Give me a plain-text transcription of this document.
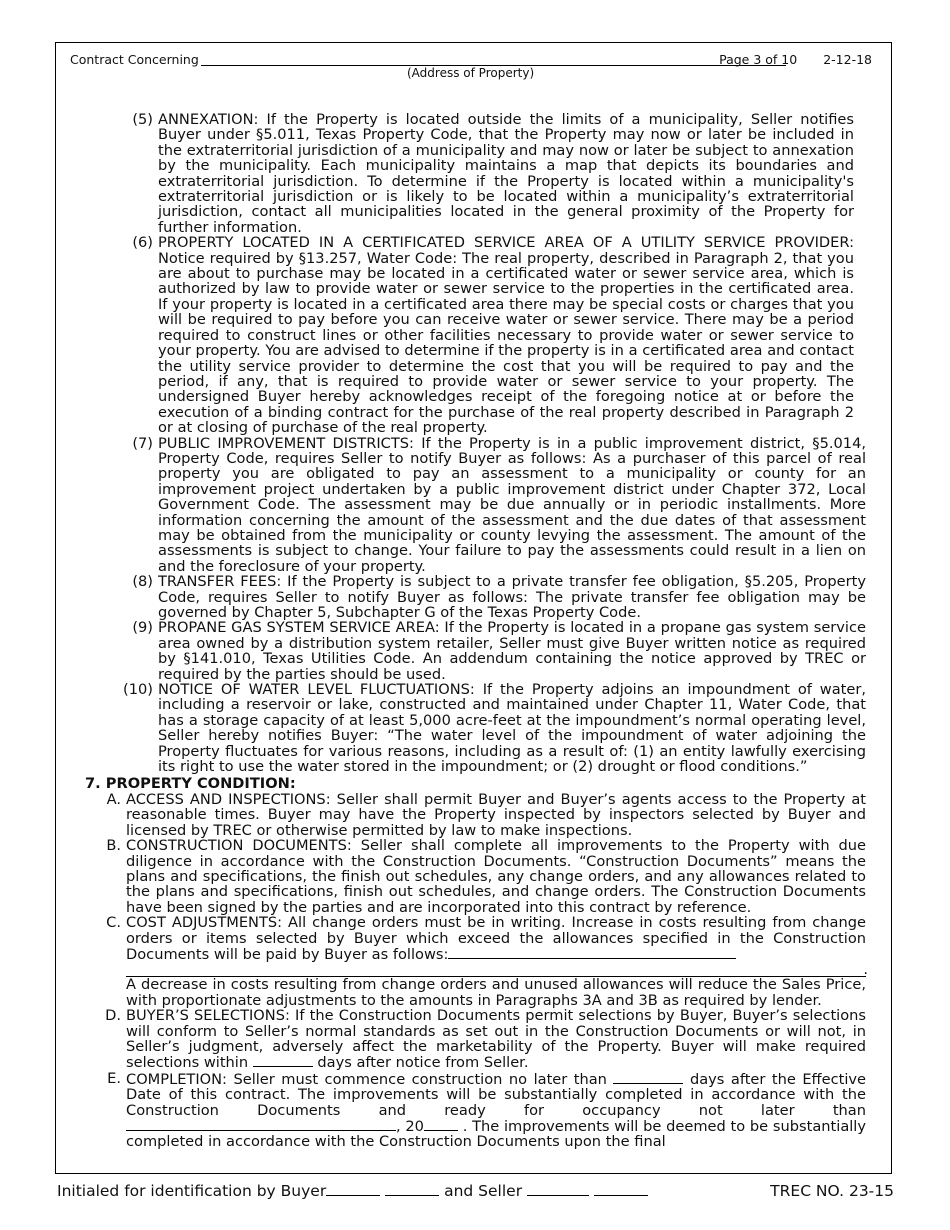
Contract Concerning
(Address of Property)
Page 3 of 10 2-12-18
(5) ANNEXATION: If the Property is located outside the limits of a municipality, Seller notifies Buyer under §5.011, Texas Property Code, that the Property may now or later be included in the extraterritorial jurisdiction of a municipality and may now or later be subject to annexation by the municipality. Each municipality maintains a map that depicts its boundaries and extraterritorial jurisdiction. To determine if the Property is located within a municipality's extraterritorial jurisdiction or is likely to be located within a municipality’s extraterritorial jurisdiction, contact all municipalities located in the general proximity of the Property for further information.
(6) PROPERTY LOCATED IN A CERTIFICATED SERVICE AREA OF A UTILITY SERVICE PROVIDER: Notice required by §13.257, Water Code: The real property, described in Paragraph 2, that you are about to purchase may be located in a certificated water or sewer service area, which is authorized by law to provide water or sewer service to the properties in the certificated area. If your property is located in a certificated area there may be special costs or charges that you will be required to pay before you can receive water or sewer service. There may be a period required to construct lines or other facilities necessary to provide water or sewer service to your property. You are advised to determine if the property is in a certificated area and contact the utility service provider to determine the cost that you will be required to pay and the period, if any, that is required to provide water or sewer service to your property. The undersigned Buyer hereby acknowledges receipt of the foregoing notice at or before the execution of a binding contract for the purchase of the real property described in Paragraph 2 or at closing of purchase of the real property.
(7) PUBLIC IMPROVEMENT DISTRICTS: If the Property is in a public improvement district, §5.014, Property Code, requires Seller to notify Buyer as follows: As a purchaser of this parcel of real property you are obligated to pay an assessment to a municipality or county for an improvement project undertaken by a public improvement district under Chapter 372, Local Government Code. The assessment may be due annually or in periodic installments. More information concerning the amount of the assessment and the due dates of that assessment may be obtained from the municipality or county levying the assessment. The amount of the assessments is subject to change. Your failure to pay the assessments could result in a lien on and the foreclosure of your property.
(8) TRANSFER FEES: If the Property is subject to a private transfer fee obligation, §5.205, Property Code, requires Seller to notify Buyer as follows: The private transfer fee obligation may be governed by Chapter 5, Subchapter G of the Texas Property Code.
(9) PROPANE GAS SYSTEM SERVICE AREA: If the Property is located in a propane gas system service area owned by a distribution system retailer, Seller must give Buyer written notice as required by §141.010, Texas Utilities Code. An addendum containing the notice approved by TREC or required by the parties should be used.
(10) NOTICE OF WATER LEVEL FLUCTUATIONS: If the Property adjoins an impoundment of water, including a reservoir or lake, constructed and maintained under Chapter 11, Water Code, that has a storage capacity of at least 5,000 acre-feet at the impoundment’s normal operating level, Seller hereby notifies Buyer: “The water level of the impoundment of water adjoining the Property fluctuates for various reasons, including as a result of: (1) an entity lawfully exercising its right to use the water stored in the impoundment; or (2) drought or flood conditions.”
7. PROPERTY CONDITION:
A. ACCESS AND INSPECTIONS: Seller shall permit Buyer and Buyer’s agents access to the Property at reasonable times. Buyer may have the Property inspected by inspectors selected by Buyer and licensed by TREC or otherwise permitted by law to make inspections.
B. CONSTRUCTION DOCUMENTS: Seller shall complete all improvements to the Property with due diligence in accordance with the Construction Documents. “Construction Documents” means the plans and specifications, the finish out schedules, any change orders, and any allowances related to the plans and specifications, finish out schedules, and change orders. The Construction Documents have been signed by the parties and are incorporated into this contract by reference.
C. COST ADJUSTMENTS: All change orders must be in writing. Increase in costs resulting from change orders or items selected by Buyer which exceed the allowances specified in the Construction Documents will be paid by Buyer as follows:
.
A decrease in costs resulting from change orders and unused allowances will reduce the Sales Price, with proportionate adjustments to the amounts in Paragraphs 3A and 3B as required by lender.
D. BUYER’S SELECTIONS: If the Construction Documents permit selections by Buyer, Buyer’s selections will conform to Seller’s normal standards as set out in the Construction Documents or will not, in Seller’s judgment, adversely affect the marketability of the Property. Buyer will make required selections within	days after notice from Seller.
E. COMPLETION: Seller must commence construction no later than	days after the Effective Date of this contract. The improvements will be substantially completed in accordance with the Construction Documents and ready for occupancy not later than , 20	. The improvements will be deemed to be substantially completed in accordance with the Construction Documents upon the final
Initialed for identification by Buyer	and Seller	TREC NO. 23-15
